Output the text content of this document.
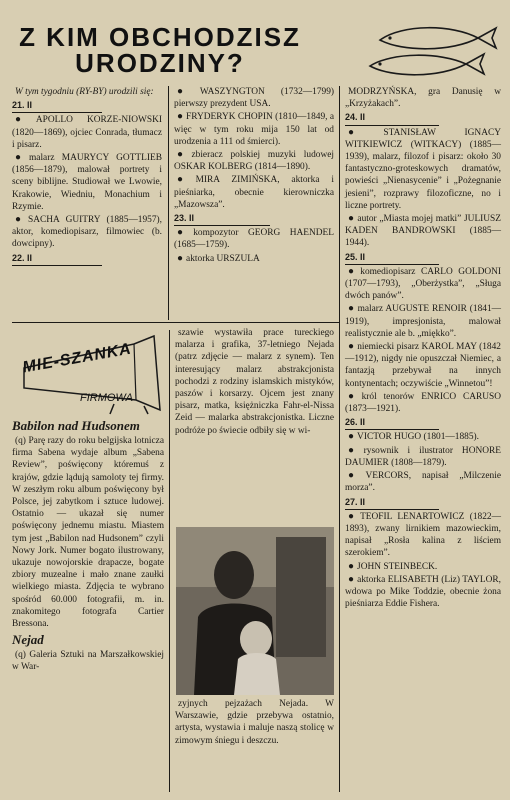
Z KIM OBCHODZISZ
URODZINY?

W tym tygodniu (RY-BY) urodzili się:

21. II

● APOLLO KORZE-NIOWSKI (1820—1869), ojciec Conrada, tłumacz i pisarz.

● malarz MAURYCY GOTTLIEB (1856—1879), malował portrety i sceny biblijne. Studiował we Lwowie, Krakowie, Wiedniu, Monachium i Rzymie.

● SACHA GUITRY (1885—1957), aktor, komediopisarz, filmowiec (b. dowcipny).

22. II

● WASZYNGTON (1732—1799) pierwszy prezydent USA.

● FRYDERYK CHOPIN (1810—1849, a więc w tym roku mija 150 lat od urodzenia a 111 od śmierci).

● zbieracz polskiej muzyki ludowej OSKAR KOLBERG (1814—1890).

● MIRA ZIMIŃSKA, aktorka i pieśniarka, obecnie kierowniczka „Mazowsza”.

23. II

● kompozytor GEORG HAENDEL (1685—1759).

● aktorka URSZULA

MODRZYŃSKA, gra Danusię w „Krzyżakach”.

24. II

● STANISŁAW IGNACY WITKIEWICZ (WITKACY) (1885—1939), malarz, filozof i pisarz: około 30 fantastyczno-groteskowych dramatów, powieści „Nienasycenie” i „Pożegnanie jesieni”, rozprawy filozoficzne, no i liczne portrety.

● autor „Miasta mojej matki” JULIUSZ KADEN BANDROWSKI (1885—1944).

25. II

● komediopisarz CARLO GOLDONI (1707—1793), „Oberżystka”, „Sługa dwóch panów”.

● malarz AUGUSTE RENOIR (1841—1919), impresjonista, malował realistycznie ale b. „miękko”.

● niemiecki pisarz KAROL MAY (1842—1912), nigdy nie opuszczał Niemiec, a fantazją przebywał na innych kontynentach; oczywiście „Winnetou”!

● król tenorów ENRICO CARUSO (1873—1921).

26. II

● VICTOR HUGO (1801—1885).

● rysownik i ilustrator HONORE DAUMIER (1808—1879).

● VERCORS, napisał „Milczenie morza”.

27. II

● TEOFIL LENARTOWICZ (1822—1893), zwany lirnikiem mazowieckim, napisał „Rosła kalina z liściem szerokiem”.

● JOHN STEINBECK.

● aktorka ELISABETH (Liz) TAYLOR, wdowa po Mike Toddzie, obecnie żona pieśniarza Eddie Fishera.

MIE-SZANKA
FIRMOWA

Babilon nad Hudsonem

(q) Parę razy do roku belgijska lotnicza firma Sabena wydaje album „Sabena Review”, poświęcony któremuś z krajów, gdzie lądują samoloty tej firmy. W zeszłym roku album poświęcony był Polsce, jej zabytkom i sztuce ludowej. Ostatnio — ukazał się numer poświęcony jednemu miastu. Miastem tym jest „Babilon nad Hudsonem” czyli Nowy Jork. Numer bogato ilustrowany, ukazuje nowojorskie drapacze, bogate zbiory muzealne i mało znane zaułki wielkiego miasta. Zdjęcia te wybrano spośród 60.000 fotografii, m. in. znakomitego fotografa Cartier Bressona.

Nejad

(q) Galeria Sztuki na Marszałkowskiej w War-

szawie wystawiła prace tureckiego malarza i grafika, 37-letniego Nejada (patrz zdjęcie — malarz z synem). Ten interesujący malarz abstrakcjonista pochodzi z rodziny islamskich mistyków, paszów i korsarzy. Ojcem jest znany pisarz, matka, księżniczka Fahr-el-Nissa Zeid — malarka abstrakcjonistka. Liczne podróże po świecie odbiły się w wi-

zyjnych pejzażach Nejada. W Warszawie, gdzie przebywa ostatnio, artysta, wystawia i maluje naszą stolicę w zimowym śniegu i deszczu.
